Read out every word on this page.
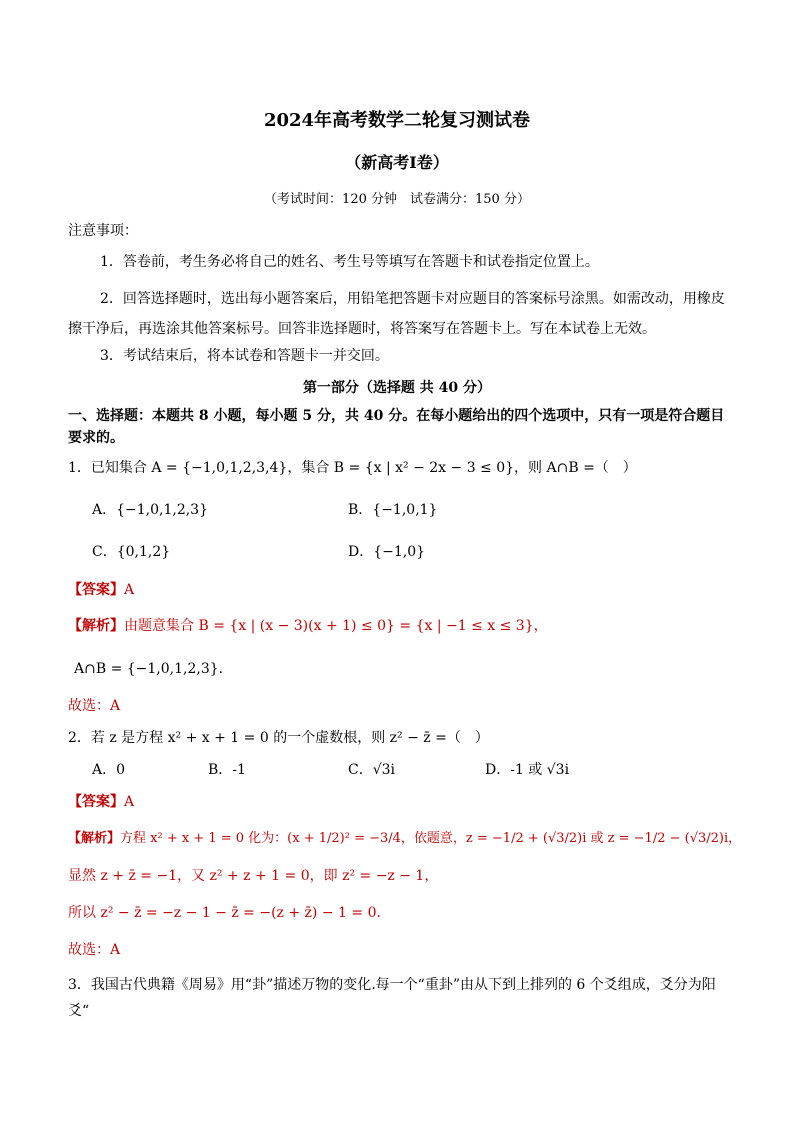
2024年高考数学二轮复习测试卷
（新高考Ⅰ卷）
（考试时间：120 分钟　试卷满分：150 分）
注意事项：
1．答卷前，考生务必将自己的姓名、考生号等填写在答题卡和试卷指定位置上。
2．回答选择题时，选出每小题答案后，用铅笔把答题卡对应题目的答案标号涂黑。如需改动，用橡皮擦干净后，再选涂其他答案标号。回答非选择题时，将答案写在答题卡上。写在本试卷上无效。
3．考试结束后，将本试卷和答题卡一并交回。
第一部分（选择题 共 40 分）
一、选择题：本题共 8 小题，每小题 5 分，共 40 分。在每小题给出的四个选项中，只有一项是符合题目要求的。
1．已知集合 A = {−1,0,1,2,3,4}，集合 B = {x | x² − 2x − 3 ≤ 0}，则 A∩B =（　）
A．{−1,0,1,2,3}	B．{−1,0,1}
C．{0,1,2}	D．{−1,0}
【答案】A
【解析】由题意集合 B = {x | (x − 3)(x + 1) ≤ 0} = {x | −1 ≤ x ≤ 3}，
A∩B = {−1,0,1,2,3}.
故选：A
2．若 z 是方程 x² + x + 1 = 0 的一个虚数根，则 z² − z̄ =（　）
A．0	B．-1	C．√3i	D．-1 或 √3i
【答案】A
【解析】方程 x² + x + 1 = 0 化为：(x + 1/2)² = −3/4，依题意，z = −1/2 + (√3/2)i 或 z = −1/2 − (√3/2)i，
显然 z + z̄ = −1，又 z² + z + 1 = 0，即 z² = −z − 1，
所以 z² − z̄ = −z − 1 − z̄ = −(z + z̄) − 1 = 0.
故选：A
3．我国古代典籍《周易》用“卦”描述万物的变化.每一个“重卦”由从下到上排列的 6 个爻组成，爻分为阳爻“
